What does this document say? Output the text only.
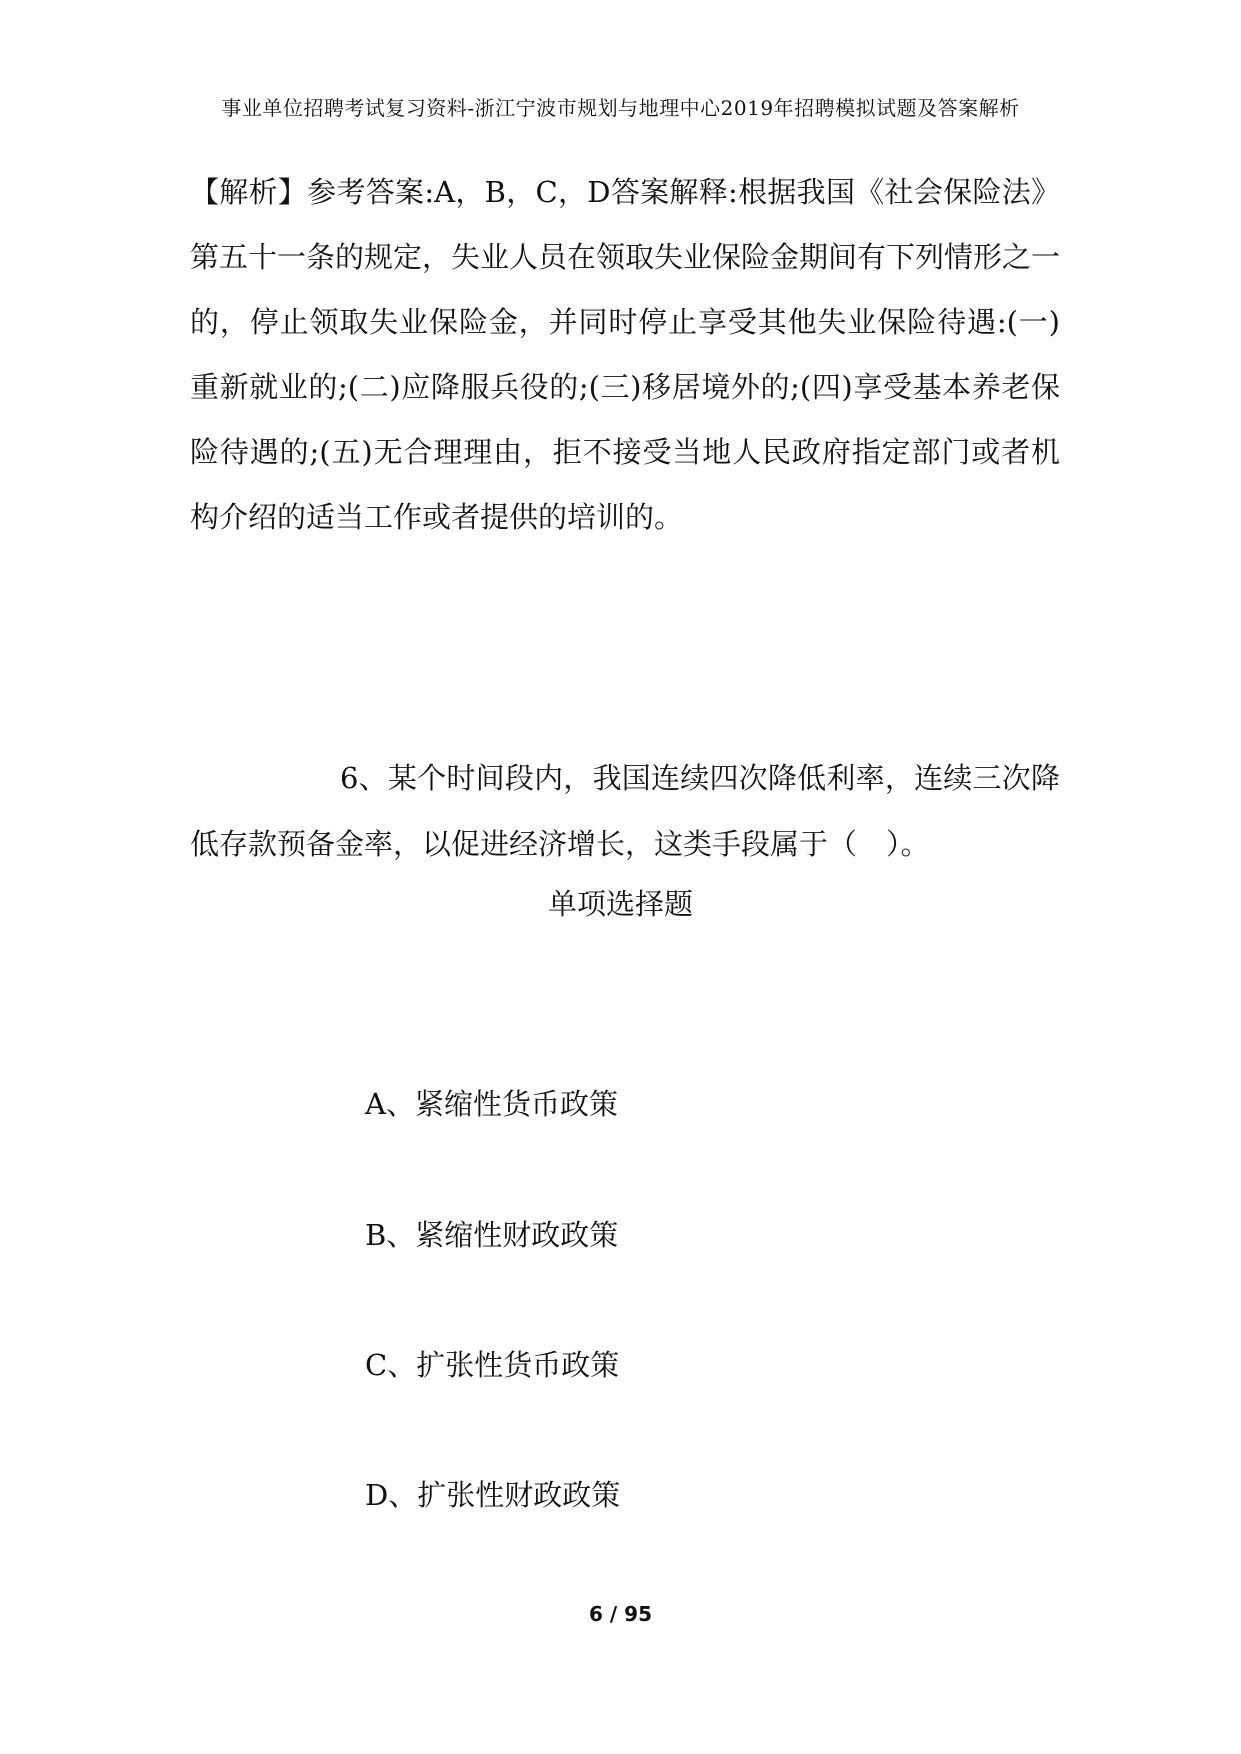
事业单位招聘考试复习资料-浙江宁波市规划与地理中心2019年招聘模拟试题及答案解析
【解析】参考答案:A，B，C，D答案解释:根据我国《社会保险法》第五十一条的规定，失业人员在领取失业保险金期间有下列情形之一的，停止领取失业保险金，并同时停止享受其他失业保险待遇:(一)重新就业的;(二)应降服兵役的;(三)移居境外的;(四)享受基本养老保险待遇的;(五)无合理理由，拒不接受当地人民政府指定部门或者机构介绍的适当工作或者提供的培训的。
6、某个时间段内，我国连续四次降低利率，连续三次降低存款预备金率，以促进经济增长，这类手段属于（　）。
单项选择题
A、紧缩性货币政策
B、紧缩性财政政策
C、扩张性货币政策
D、扩张性财政政策
6 / 95
